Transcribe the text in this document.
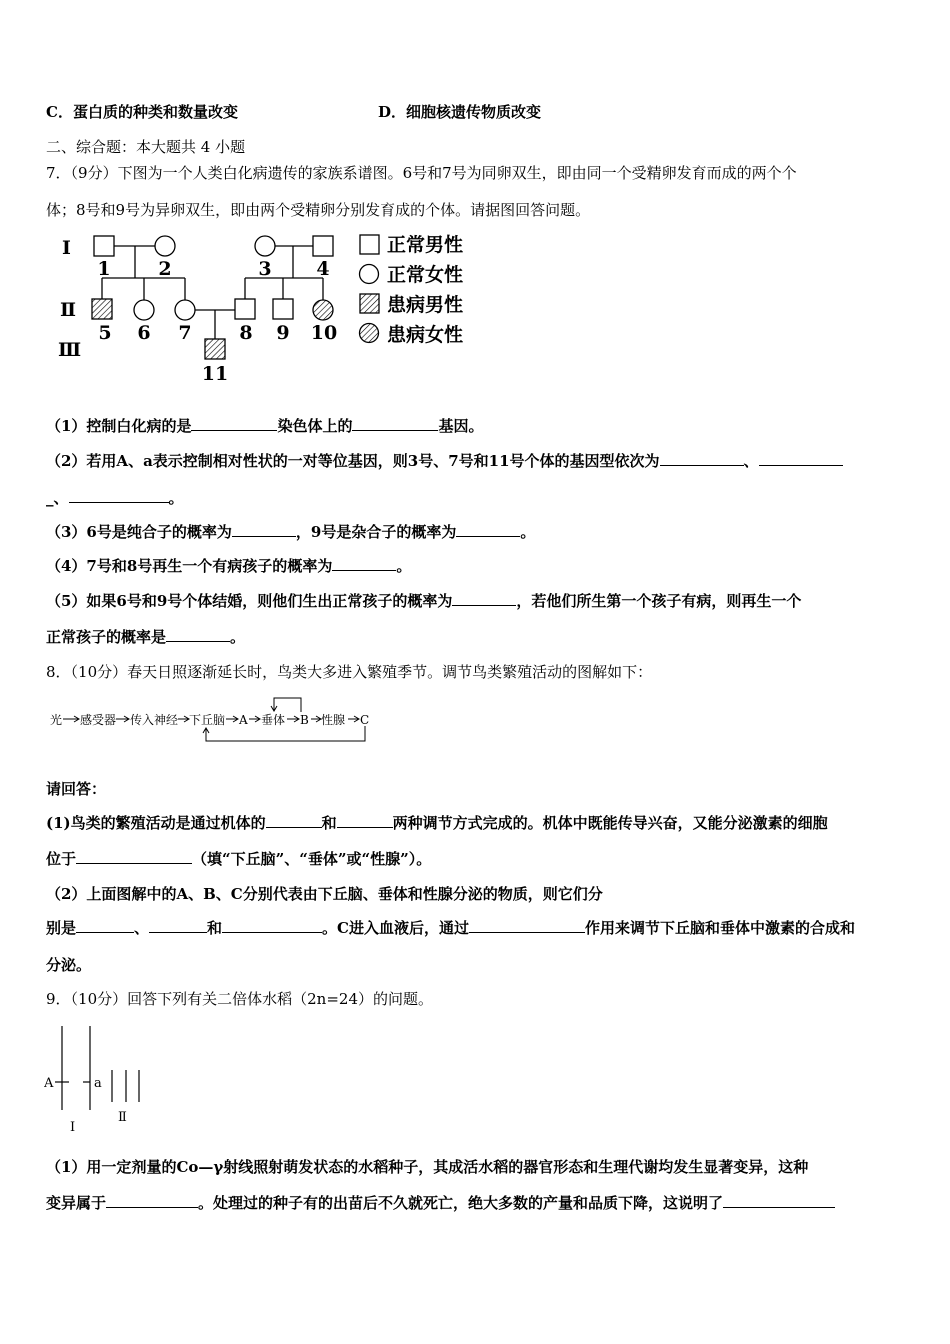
C．蛋白质的种类和数量改变	D．细胞核遗传物质改变
二、综合题：本大题共 4 小题
7．（9分）下图为一个人类白化病遗传的家族系谱图。6号和7号为同卵双生，即由同一个受精卵发育而成的两个个
体；8号和9号为异卵双生，即由两个受精卵分别发育成的个体。请据图回答问题。
Ⅰ
Ⅱ
Ⅲ
1	2	3 4
5 6 7	8 9 10
11
正常男性
正常女性
患病男性
患病女性
（1）控制白化病的是	染色体上的	基因。
（2）若用A、a表示控制相对性状的一对等位基因，则3号、7号和11号个体的基因型依次为	、
_、	。
（3）6号是纯合子的概率为	，9号是杂合子的概率为	。
（4）7号和8号再生一个有病孩子的概率为	。
（5）如果6号和9号个体结婚，则他们生出正常孩子的概率为	，若他们所生第一个孩子有病，则再生一个
正常孩子的概率是	。
8．（10分）春天日照逐渐延长时，鸟类大多进入繁殖季节。调节鸟类繁殖活动的图解如下：
光 感受器 传入神经 下丘脑 A 垂体 B 性腺 C
请回答：
(1)鸟类的繁殖活动是通过机体的	和	两种调节方式完成的。机体中既能传导兴奋，又能分泌激素的细胞
位于	（填“下丘脑”、“垂体”或“性腺”）。
（2）上面图解中的A、B、C分别代表由下丘脑、垂体和性腺分泌的物质，则它们分
别是	、	和	。C进入血液后，通过	作用来调节下丘脑和垂体中激素的合成和
分泌。
9．（10分）回答下列有关二倍体水稻（2n=24）的问题。
A	a
Ⅰ
Ⅱ
（1）用一定剂量的Co—γ射线照射萌发状态的水稻种子，其成活水稻的器官形态和生理代谢均发生显著变异，这种
变异属于	。处理过的种子有的出苗后不久就死亡，绝大多数的产量和品质下降，这说明了
